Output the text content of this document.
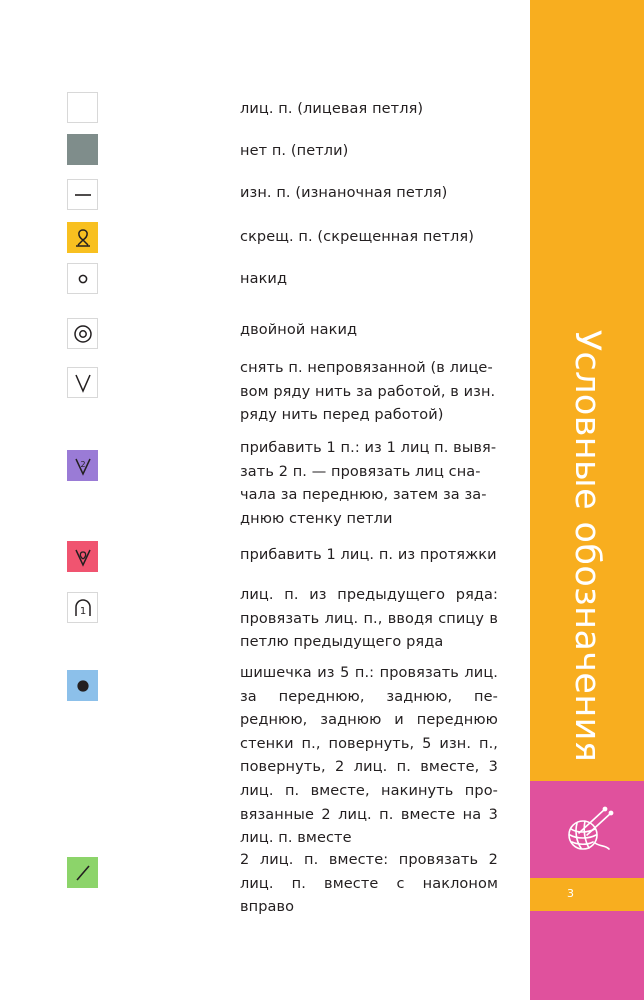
лиц. п. (лицевая петля)
нет п. (петли)
изн. п. (изнаночная петля)
скрещ. п. (скрещенная петля)
накид
двойной накид
снять п. непровязанной (в лице-
вом ряду нить за работой, в изн.
ряду нить перед работой)
2
прибавить 1 п.: из 1 лиц п. вывя-
зать 2 п. — провязать лиц сна-
чала за переднюю, затем за за-
днюю стенку петли
прибавить 1 лиц. п. из протяжки
1
лиц. п. из предыдущего ряда: провязать лиц. п., вводя спицу в петлю предыдущего ряда
шишечка из 5 п.: провязать лиц. за переднюю, заднюю, пе-реднюю, заднюю и переднюю стенки п., повернуть, 5 изн. п., повернуть, 2 лиц. п. вместе, 3 лиц. п. вместе, накинуть про-вязанные 2 лиц. п. вместе на 3 лиц. п. вместе
2 лиц. п. вместе: провязать 2 лиц. п. вместе с наклоном вправо
Условные обозначения
3
